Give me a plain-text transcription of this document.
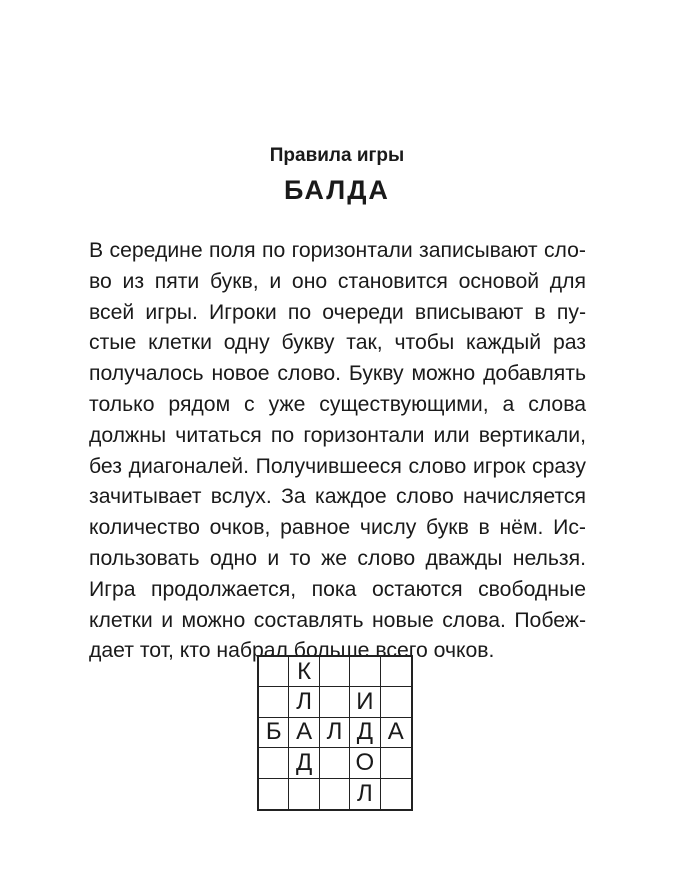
Правила игры
БАЛДА
В середине поля по горизонтали записывают сло-
во из пяти букв, и оно становится основой для
всей игры. Игроки по очереди вписывают в пу-
стые клетки одну букву так, чтобы каждый раз
получалось новое слово. Букву можно добавлять
только рядом с уже существующими, а слова
должны читаться по горизонтали или вертикали,
без диагоналей. Получившееся слово игрок сразу
зачитывает вслух. За каждое слово начисляется
количество очков, равное числу букв в нём. Ис-
пользовать одно и то же слово дважды нельзя.
Игра продолжается, пока остаются свободные
клетки и можно составлять новые слова. Побеж-
дает тот, кто набрал больше всего очков.
К
Л	И
Б А Л Д А
Д	О
Л
